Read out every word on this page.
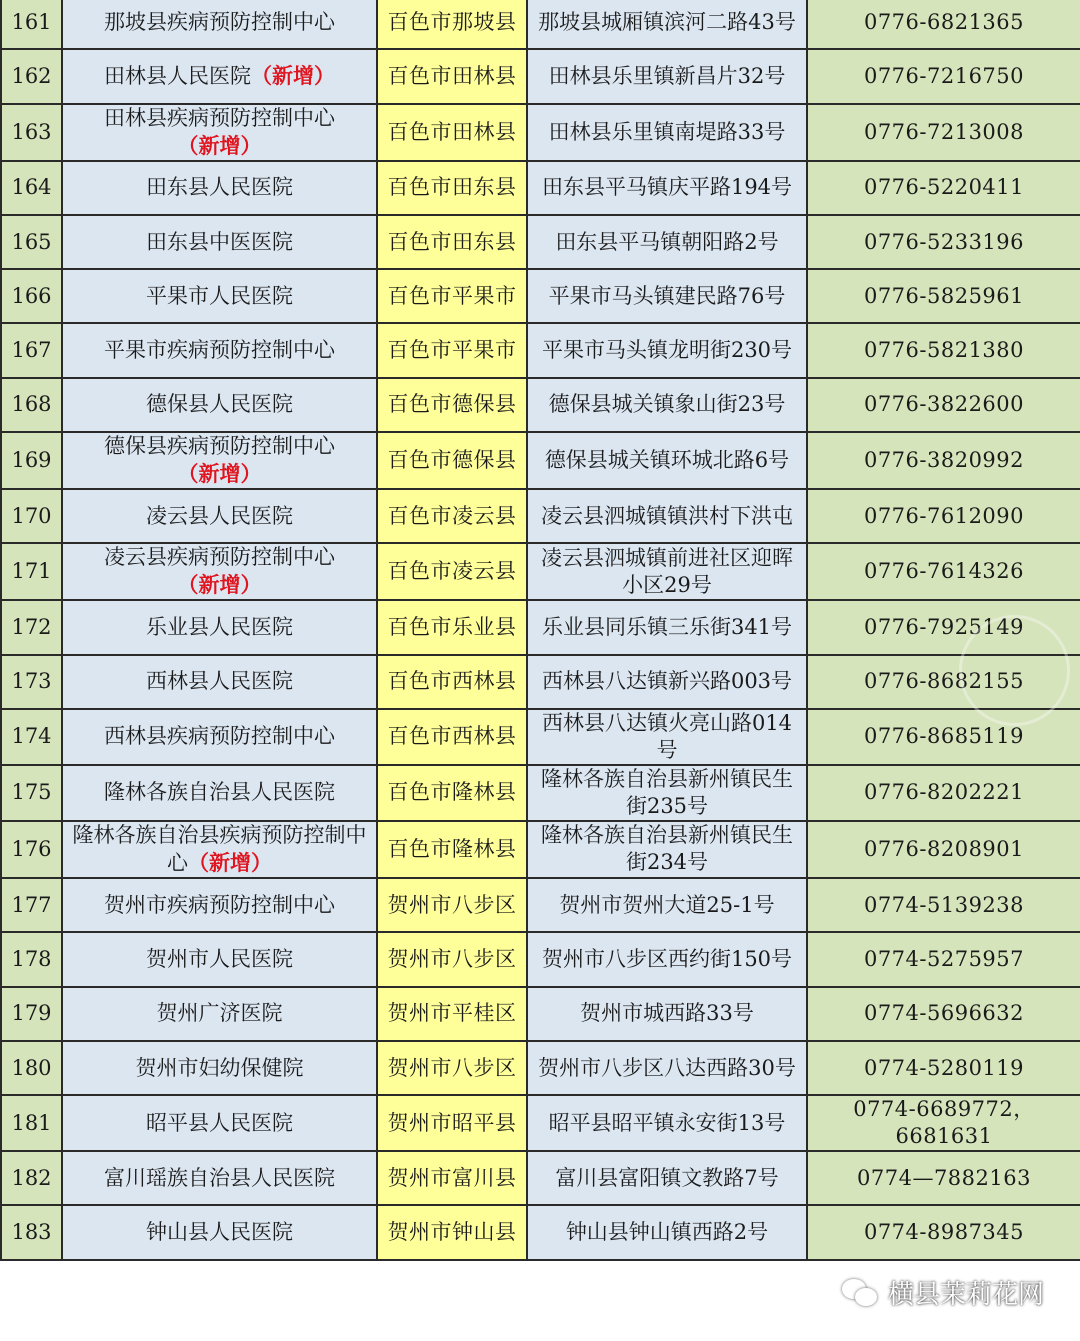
161	那坡县疾病预防控制中心	百色市那坡县	那坡县城厢镇滨河二路43号	0776-6821365
162	田林县人民医院（新增）	百色市田林县	田林县乐里镇新昌片32号	0776-7216750
163	田林县疾病预防控制中心（新增）	百色市田林县	田林县乐里镇南堤路33号	0776-7213008
164	田东县人民医院	百色市田东县	田东县平马镇庆平路194号	0776-5220411
165	田东县中医医院	百色市田东县	田东县平马镇朝阳路2号	0776-5233196
166	平果市人民医院	百色市平果市	平果市马头镇建民路76号	0776-5825961
167	平果市疾病预防控制中心	百色市平果市	平果市马头镇龙明街230号	0776-5821380
168	德保县人民医院	百色市德保县	德保县城关镇象山街23号	0776-3822600
169	德保县疾病预防控制中心（新增）	百色市德保县	德保县城关镇环城北路6号	0776-3820992
170	凌云县人民医院	百色市凌云县	凌云县泗城镇镇洪村下洪屯	0776-7612090
171	凌云县疾病预防控制中心（新增）	百色市凌云县	凌云县泗城镇前进社区迎晖小区29号	0776-7614326
172	乐业县人民医院	百色市乐业县	乐业县同乐镇三乐街341号	0776-7925149
173	西林县人民医院	百色市西林县	西林县八达镇新兴路003号	0776-8682155
174	西林县疾病预防控制中心	百色市西林县	西林县八达镇火亮山路014号	0776-8685119
175	隆林各族自治县人民医院	百色市隆林县	隆林各族自治县新州镇民生街235号	0776-8202221
176	隆林各族自治县疾病预防控制中心（新增）	百色市隆林县	隆林各族自治县新州镇民生街234号	0776-8208901
177	贺州市疾病预防控制中心	贺州市八步区	贺州市贺州大道25-1号	0774-5139238
178	贺州市人民医院	贺州市八步区	贺州市八步区西约街150号	0774-5275957
179	贺州广济医院	贺州市平桂区	贺州市城西路33号	0774-5696632
180	贺州市妇幼保健院	贺州市八步区	贺州市八步区八达西路30号	0774-5280119
181	昭平县人民医院	贺州市昭平县	昭平县昭平镇永安街13号	0774-6689772，6681631
182	富川瑶族自治县人民医院	贺州市富川县	富川县富阳镇文教路7号	0774—7882163
183	钟山县人民医院	贺州市钟山县	钟山县钟山镇西路2号	0774-8987345
横县茉莉花网
